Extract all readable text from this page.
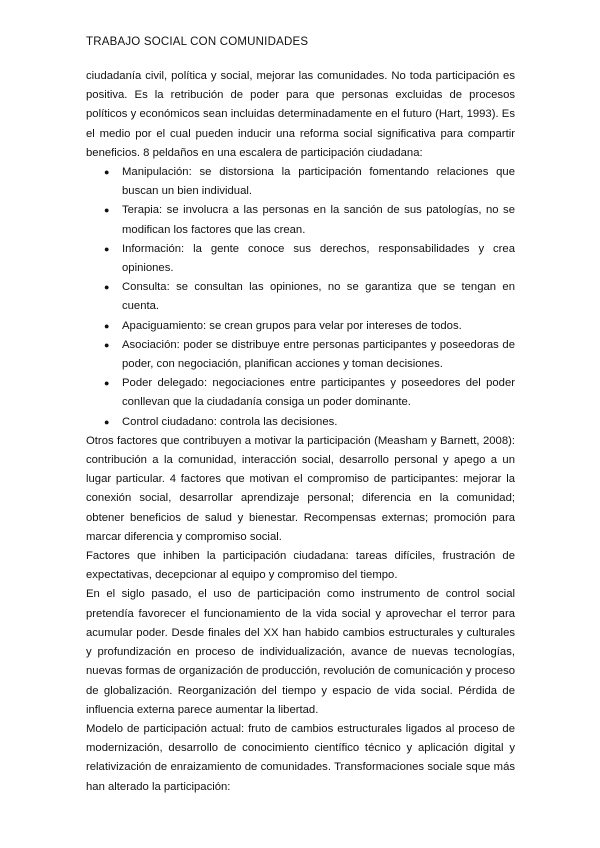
TRABAJO SOCIAL CON COMUNIDADES

ciudadanía civil, política y social, mejorar las comunidades. No toda participación es positiva. Es la retribución de poder para que personas excluidas de procesos políticos y económicos sean incluidas determinadamente en el futuro (Hart, 1993). Es el medio por el cual pueden inducir una reforma social significativa para compartir beneficios. 8 peldaños en una escalera de participación ciudadana:

● Manipulación: se distorsiona la participación fomentando relaciones que buscan un bien individual.
● Terapia: se involucra a las personas en la sanción de sus patologías, no se modifican los factores que las crean.
● Información: la gente conoce sus derechos, responsabilidades y crea opiniones.
● Consulta: se consultan las opiniones, no se garantiza que se tengan en cuenta.
● Apaciguamiento: se crean grupos para velar por intereses de todos.
● Asociación: poder se distribuye entre personas participantes y poseedoras de poder, con negociación, planifican acciones y toman decisiones.
● Poder delegado: negociaciones entre participantes y poseedores del poder conllevan que la ciudadanía consiga un poder dominante.
● Control ciudadano: controla las decisiones.

Otros factores que contribuyen a motivar la participación (Measham y Barnett, 2008): contribución a la comunidad, interacción social, desarrollo personal y apego a un lugar particular. 4 factores que motivan el compromiso de participantes: mejorar la conexión social, desarrollar aprendizaje personal; diferencia en la comunidad; obtener beneficios de salud y bienestar. Recompensas externas; promoción para marcar diferencia y compromiso social.

Factores que inhiben la participación ciudadana: tareas difíciles, frustración de expectativas, decepcionar al equipo y compromiso del tiempo.

En el siglo pasado, el uso de participación como instrumento de control social pretendía favorecer el funcionamiento de la vida social y aprovechar el terror para acumular poder. Desde finales del XX han habido cambios estructurales y culturales y profundización en proceso de individualización, avance de nuevas tecnologías, nuevas formas de organización de producción, revolución de comunicación y proceso de globalización. Reorganización del tiempo y espacio de vida social. Pérdida de influencia externa parece aumentar la libertad.

Modelo de participación actual: fruto de cambios estructurales ligados al proceso de modernización, desarrollo de conocimiento científico técnico y aplicación digital y relativización de enraizamiento de comunidades. Transformaciones sociale sque más han alterado la participación:
